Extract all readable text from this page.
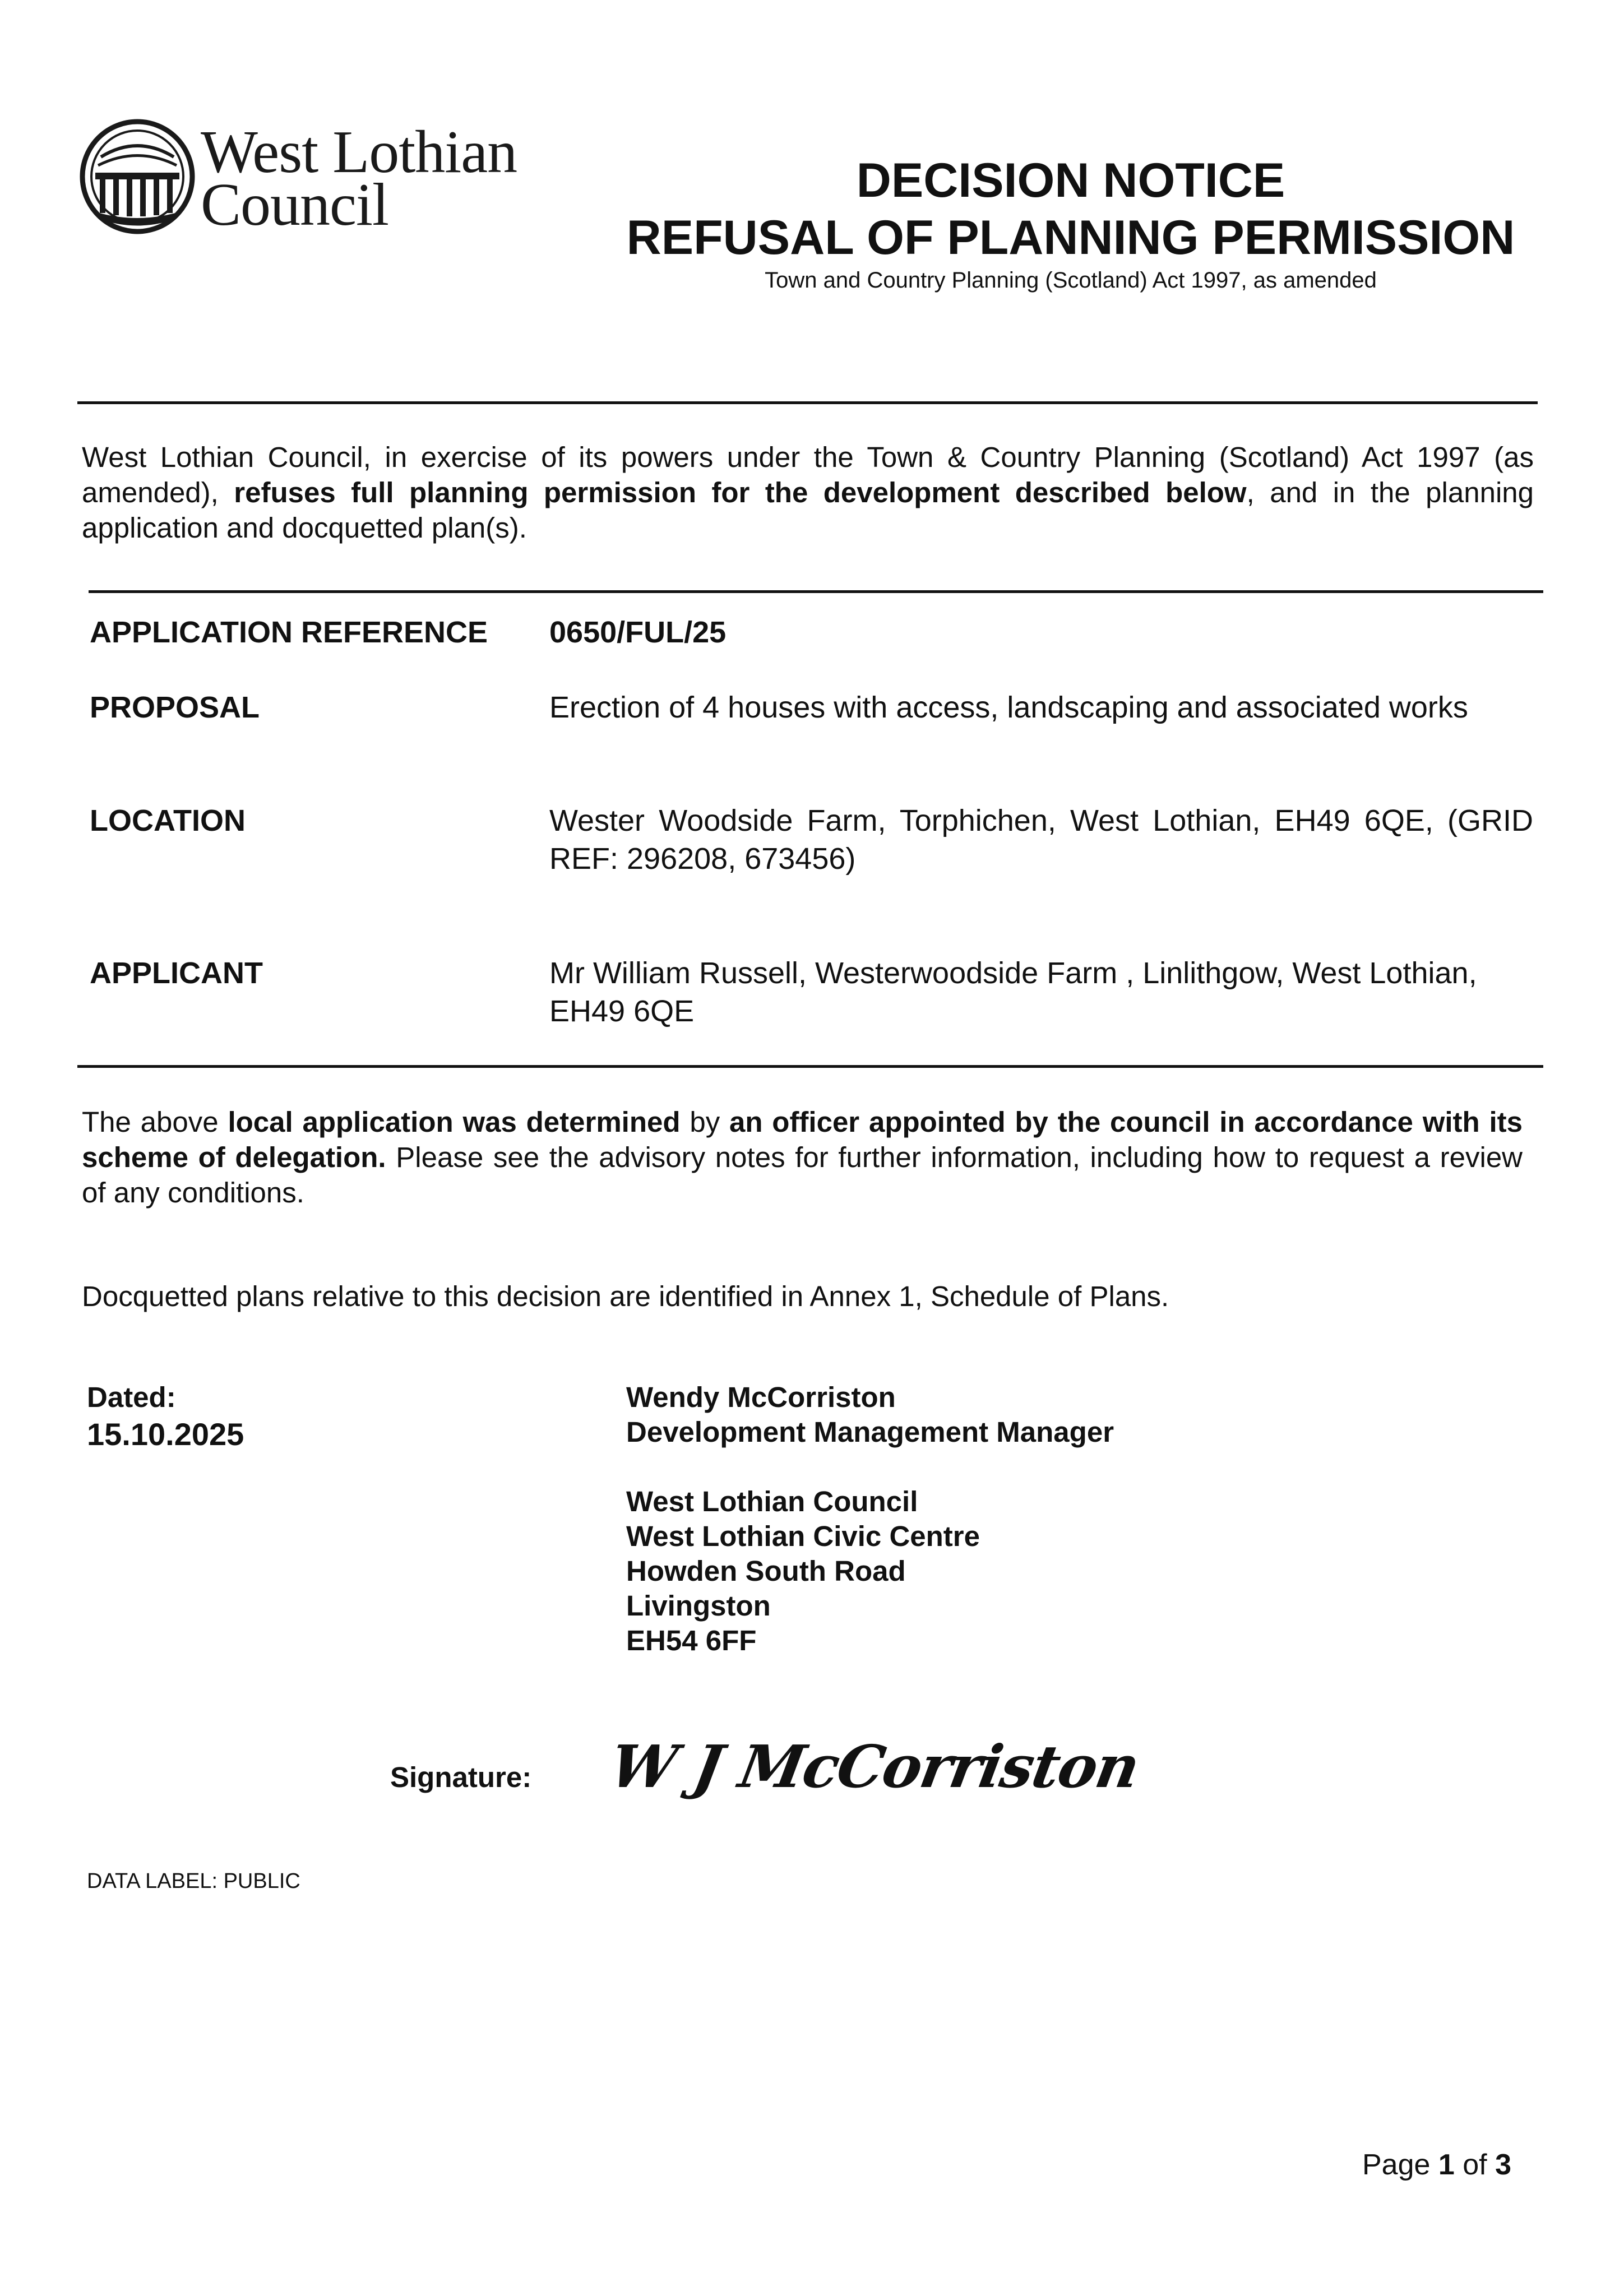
West Lothian
Council	DECISION NOTICE
REFUSAL OF PLANNING PERMISSION
Town and Country Planning (Scotland) Act 1997, as amended
West Lothian Council, in exercise of its powers under the Town & Country Planning (Scotland) Act 1997 (as amended), refuses full planning permission for the development described below, and in the planning application and docquetted plan(s).
APPLICATION REFERENCE 0650/FUL/25
PROPOSAL	Erection of 4 houses with access, landscaping and associated works
LOCATION	Wester Woodside Farm, Torphichen, West Lothian, EH49 6QE, (GRID REF: 296208, 673456)
APPLICANT	Mr William Russell, Westerwoodside Farm , Linlithgow, West Lothian, EH49 6QE
The above local application was determined by an officer appointed by the council in accordance with its scheme of delegation. Please see the advisory notes for further information, including how to request a review of any conditions.
Docquetted plans relative to this decision are identified in Annex 1, Schedule of Plans.
Dated:
15.10.2025
Wendy McCorriston
Development Management Manager
West Lothian Council
West Lothian Civic Centre
Howden South Road
Livingston
EH54 6FF
Signature: W J McCorriston
DATA LABEL: PUBLIC
Page 1 of 3
